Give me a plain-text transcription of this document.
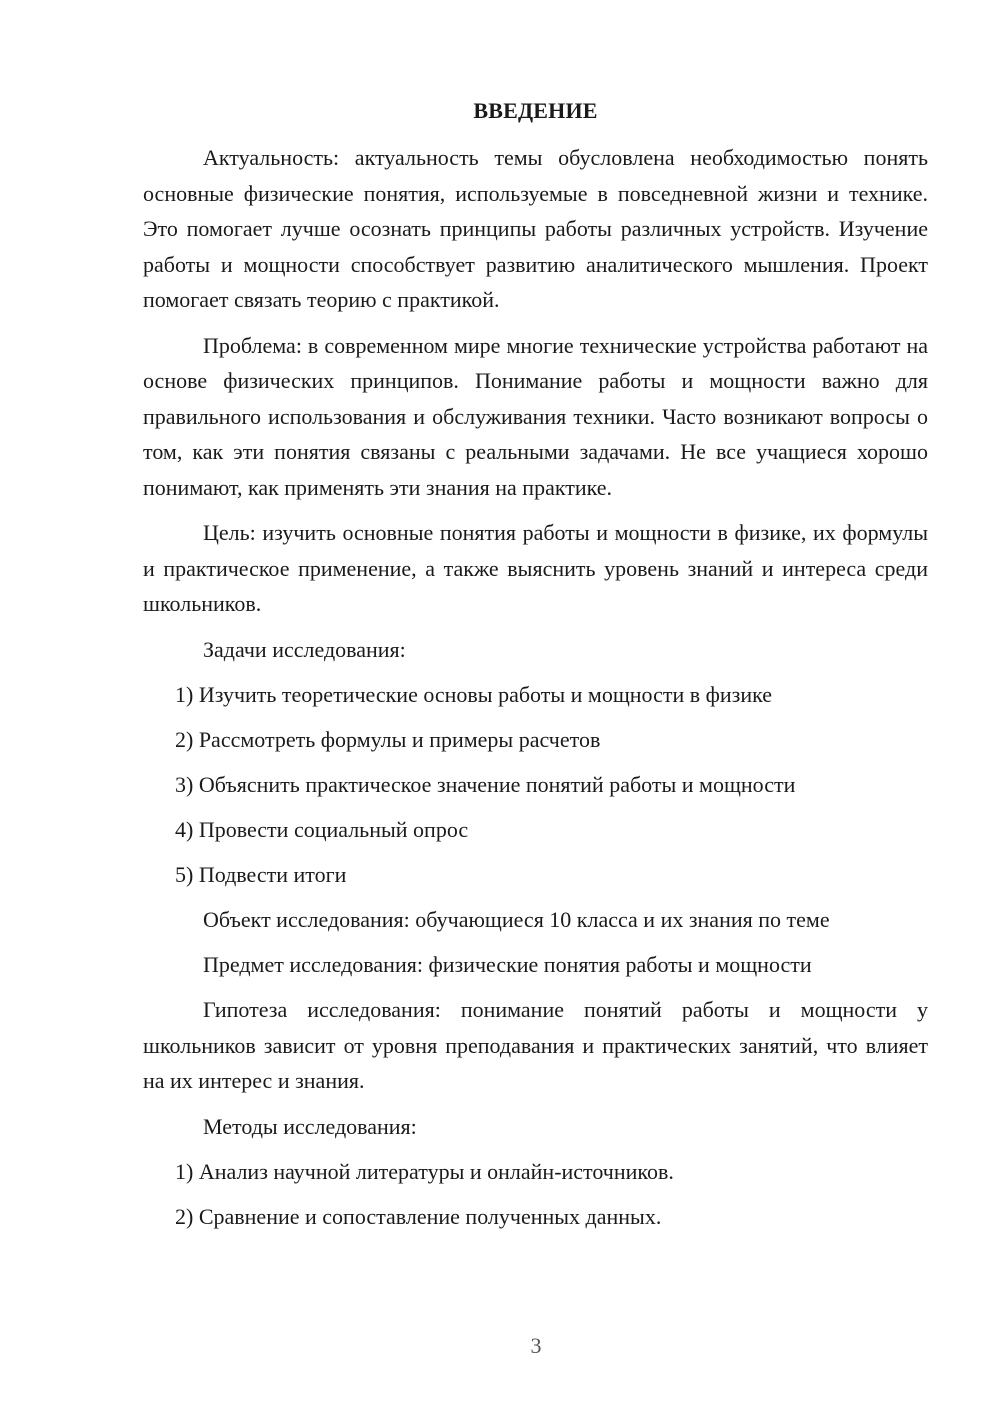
ВВЕДЕНИЕ

Актуальность: актуальность темы обусловлена необходимостью понять основные физические понятия, используемые в повседневной жизни и технике. Это помогает лучше осознать принципы работы различных устройств. Изучение работы и мощности способствует развитию аналитического мышления. Проект помогает связать теорию с практикой.

Проблема: в современном мире многие технические устройства работают на основе физических принципов. Понимание работы и мощности важно для правильного использования и обслуживания техники. Часто возникают вопросы о том, как эти понятия связаны с реальными задачами. Не все учащиеся хорошо понимают, как применять эти знания на практике.

Цель: изучить основные понятия работы и мощности в физике, их формулы и практическое применение, а также выяснить уровень знаний и интереса среди школьников.

Задачи исследования:

1) Изучить теоретические основы работы и мощности в физике
2) Рассмотреть формулы и примеры расчетов
3) Объяснить практическое значение понятий работы и мощности
4) Провести социальный опрос
5) Подвести итоги

Объект исследования: обучающиеся 10 класса и их знания по теме

Предмет исследования: физические понятия работы и мощности

Гипотеза исследования: понимание понятий работы и мощности у школьников зависит от уровня преподавания и практических занятий, что влияет на их интерес и знания.

Методы исследования:

1) Анализ научной литературы и онлайн-источников.
2) Сравнение и сопоставление полученных данных.
3
